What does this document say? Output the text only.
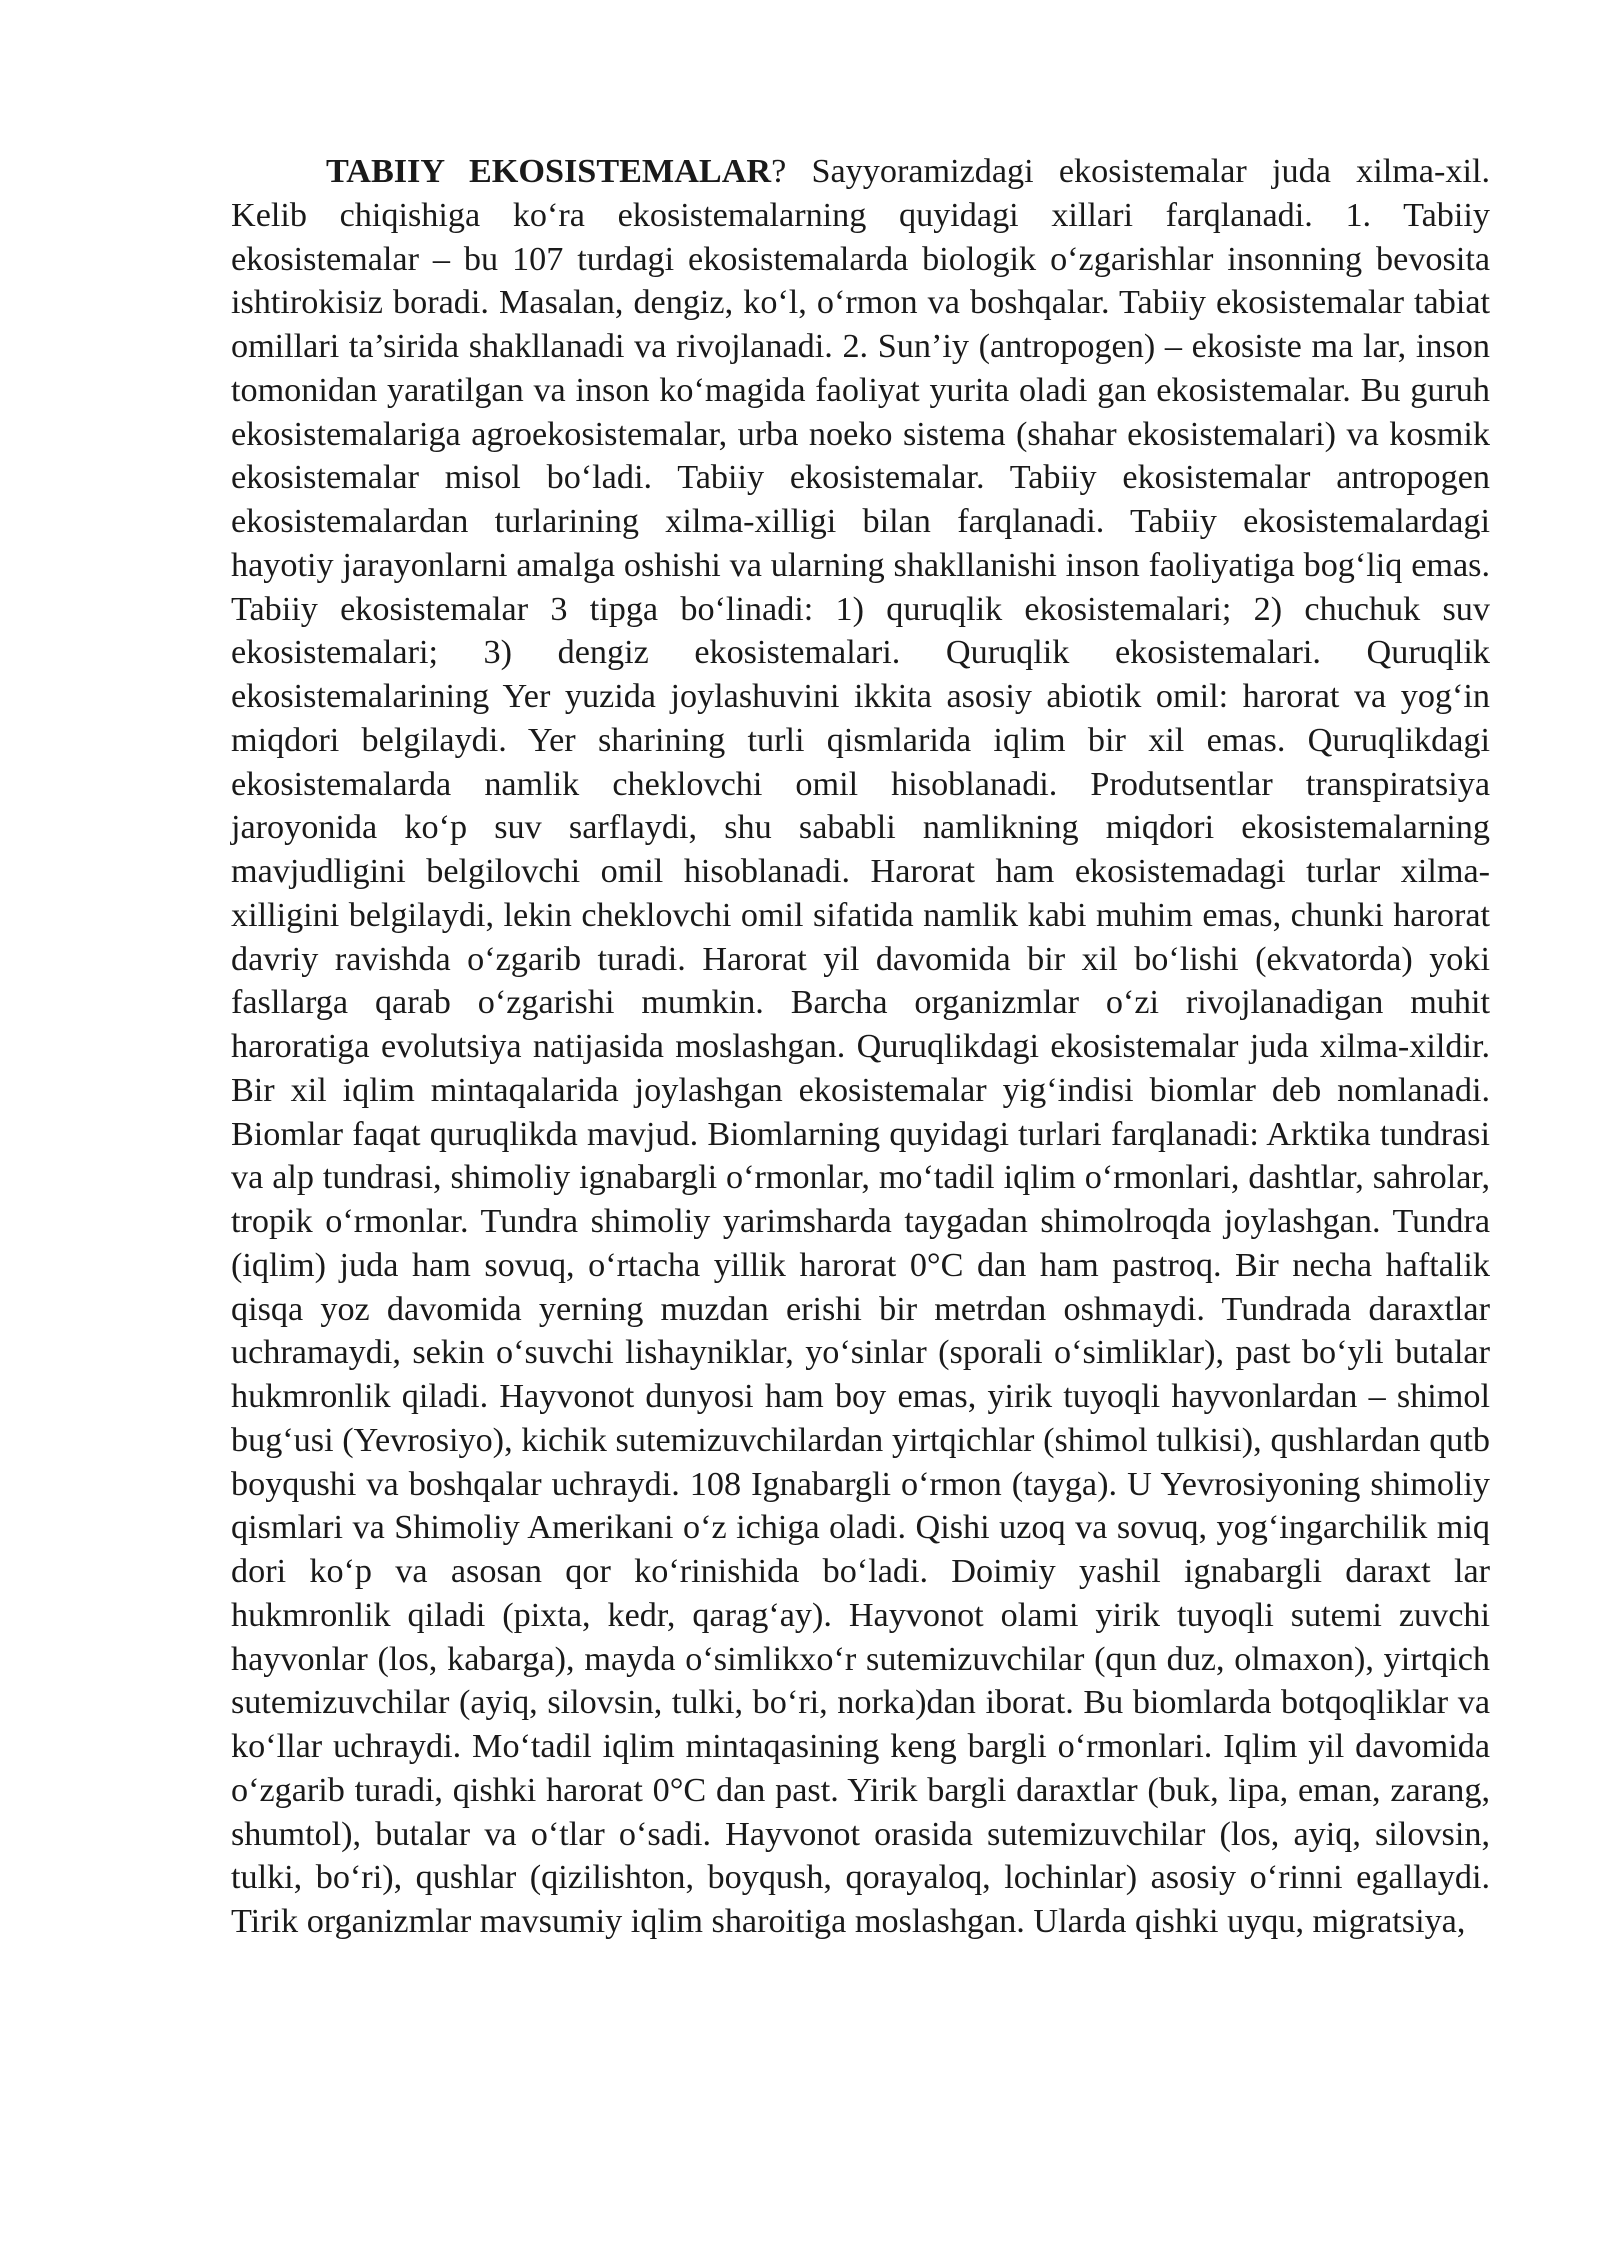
TABIIY EKOSISTEMALAR? Sayyoramizdagi ekosistemalar juda xilma-xil. Kelib chiqishiga ko‘ra ekosistemalarning quyidagi xillari farqlanadi. 1. Tabiiy ekosistemalar – bu 107 turdagi ekosistemalarda biologik o‘zgarishlar insonning bevosita ishtirokisiz boradi. Masalan, dengiz, ko‘l, o‘rmon va boshqalar. Tabiiy ekosistemalar tabiat omillari ta’sirida shakllanadi va rivojlanadi. 2. Sun’iy (antropogen) – ekosiste ma lar, inson tomonidan yaratilgan va inson ko‘magida faoliyat yurita oladi gan ekosistemalar. Bu guruh ekosistemalariga agroekosistemalar, urba noeko sistema (shahar ekosistemalari) va kosmik ekosistemalar misol bo‘ladi. Tabiiy ekosistemalar. Tabiiy ekosistemalar antropogen ekosistemalardan turlarining xilma-xilligi bilan farqlanadi. Tabiiy ekosistemalardagi hayotiy jarayonlarni amalga oshishi va ularning shakllanishi inson faoliyatiga bog‘liq emas. Tabiiy ekosistemalar 3 tipga bo‘linadi: 1) quruqlik ekosistemalari; 2) chuchuk suv ekosistemalari; 3) dengiz ekosistemalari. Quruqlik ekosistemalari. Quruqlik ekosistemalarining Yer yuzida joylashuvini ikkita asosiy abiotik omil: harorat va yog‘in miqdori belgilaydi. Yer sharining turli qismlarida iqlim bir xil emas. Quruqlikdagi ekosistemalarda namlik cheklovchi omil hisoblanadi. Produtsentlar transpiratsiya jaroyonida ko‘p suv sarflaydi, shu sababli namlikning miqdori ekosistemalarning mavjudligini belgilovchi omil hisoblanadi. Harorat ham ekosistemadagi turlar xilma-xilligini belgilaydi, lekin cheklovchi omil sifatida namlik kabi muhim emas, chunki harorat davriy ravishda o‘zgarib turadi. Harorat yil davomida bir xil bo‘lishi (ekvatorda) yoki fasllarga qarab o‘zgarishi mumkin. Barcha organizmlar o‘zi rivojlanadigan muhit haroratiga evolutsiya natijasida moslashgan. Quruqlikdagi ekosistemalar juda xilma-xildir. Bir xil iqlim mintaqalarida joylashgan ekosistemalar yig‘indisi biomlar deb nomlanadi. Biomlar faqat quruqlikda mavjud. Biomlarning quyidagi turlari farqlanadi: Arktika tundrasi va alp tundrasi, shimoliy ignabargli o‘rmonlar, mo‘tadil iqlim o‘rmonlari, dashtlar, sahrolar, tropik o‘rmonlar. Tundra shimoliy yarimsharda taygadan shimolroqda joylashgan. Tundra (iqlim) juda ham sovuq, o‘rtacha yillik harorat 0°C dan ham pastroq. Bir necha haftalik qisqa yoz davomida yerning muzdan erishi bir metrdan oshmaydi. Tundrada daraxtlar uchramaydi, sekin o‘suvchi lishayniklar, yo‘sinlar (sporali o‘simliklar), past bo‘yli butalar hukmronlik qiladi. Hayvonot dunyosi ham boy emas, yirik tuyoqli hayvonlardan – shimol bug‘usi (Yevrosiyo), kichik sutemizuvchilardan yirtqichlar (shimol tulkisi), qushlardan qutb boyqushi va boshqalar uchraydi. 108 Ignabargli o‘rmon (tayga). U Yevrosiyoning shimoliy qismlari va Shimoliy Amerikani o‘z ichiga oladi. Qishi uzoq va sovuq, yog‘ingarchilik miq dori ko‘p va asosan qor ko‘rinishida bo‘ladi. Doimiy yashil ignabargli daraxt lar hukmronlik qiladi (pixta, kedr, qarag‘ay). Hayvonot olami yirik tuyoqli sutemi zuvchi hayvonlar (los, kabarga), mayda o‘simlikxo‘r sutemizuvchilar (qun duz, olmaxon), yirtqich sutemizuvchilar (ayiq, silovsin, tulki, bo‘ri, norka)dan iborat. Bu biomlarda botqoqliklar va ko‘llar uchraydi. Mo‘tadil iqlim mintaqasining keng bargli o‘rmonlari. Iqlim yil davomida o‘zgarib turadi, qishki harorat 0°C dan past. Yirik bargli daraxtlar (buk, lipa, eman, zarang, shumtol), butalar va o‘tlar o‘sadi. Hayvonot orasida sutemizuvchilar (los, ayiq, silovsin, tulki, bo‘ri), qushlar (qizilishton, boyqush, qorayaloq, lochinlar) asosiy o‘rinni egallaydi. Tirik organizmlar mavsumiy iqlim sharoitiga moslashgan. Ularda qishki uyqu, migratsiya,
